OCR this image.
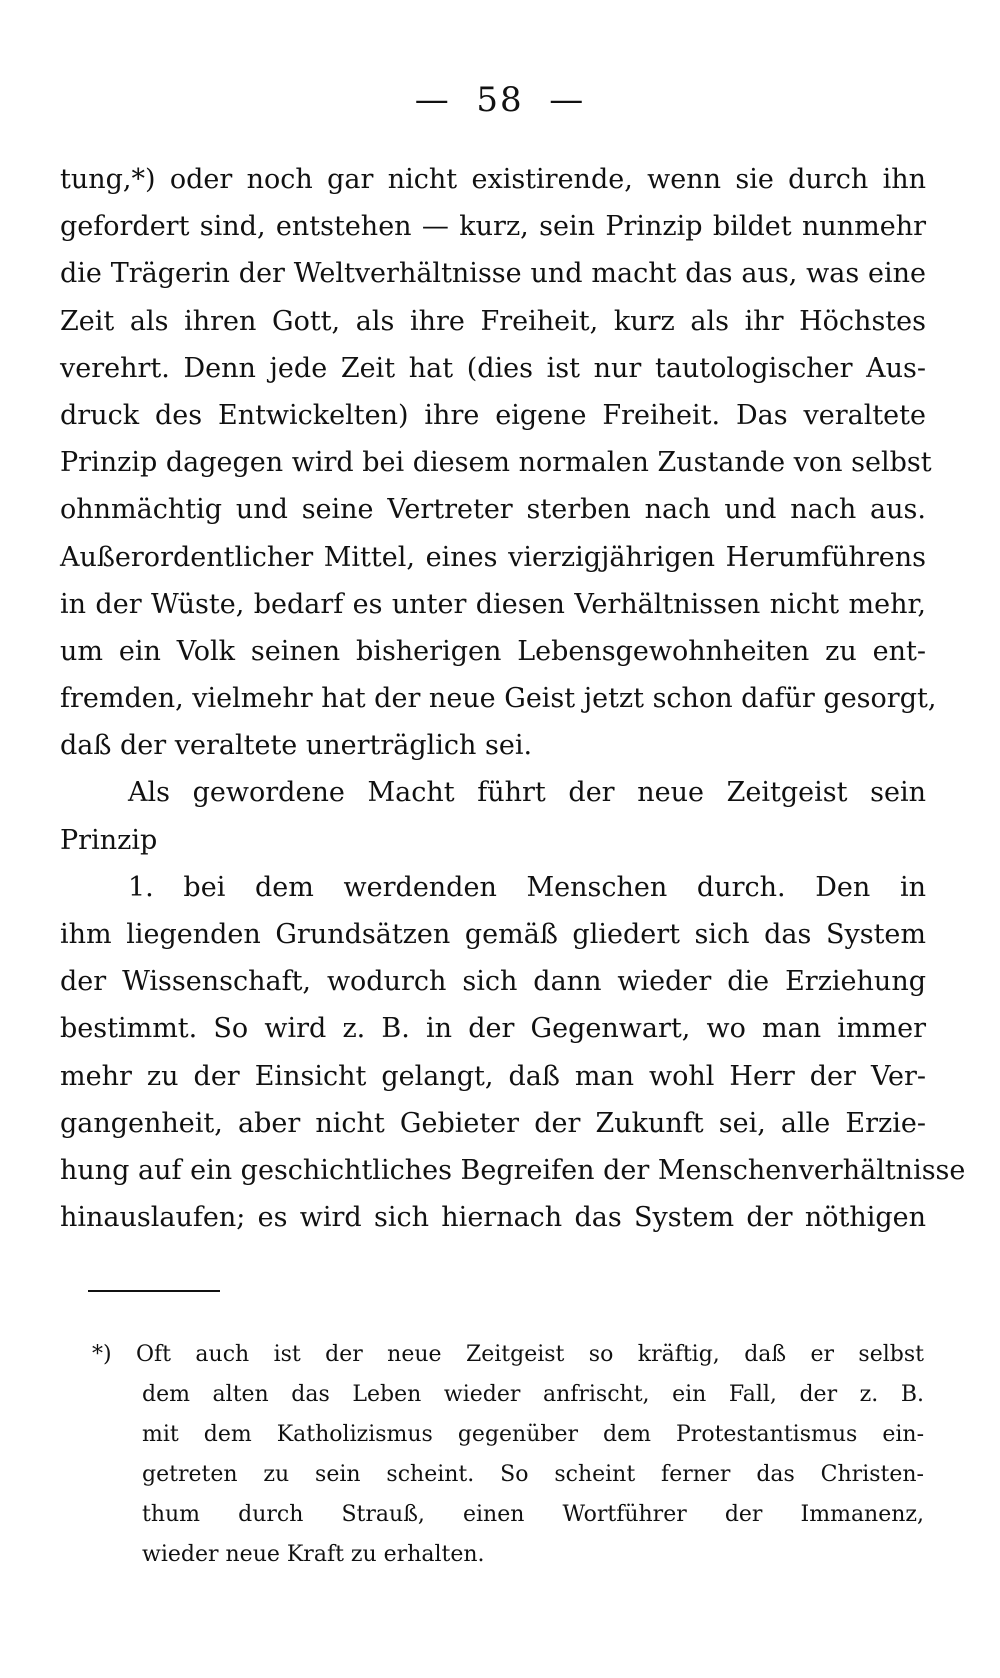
—  58  —
tung,*) oder noch gar nicht existirende, wenn sie durch ihn
gefordert sind, entstehen — kurz, sein Prinzip bildet nunmehr
die Trägerin der Weltverhältnisse und macht das aus, was eine
Zeit als ihren Gott, als ihre Freiheit, kurz als ihr Höchstes
verehrt. Denn jede Zeit hat (dies ist nur tautologischer Aus-
druck des Entwickelten) ihre eigene Freiheit. Das veraltete
Prinzip dagegen wird bei diesem normalen Zustande von selbst
ohnmächtig und seine Vertreter sterben nach und nach aus.
Außerordentlicher Mittel, eines vierzigjährigen Herumführens
in der Wüste, bedarf es unter diesen Verhältnissen nicht mehr,
um ein Volk seinen bisherigen Lebensgewohnheiten zu ent-
fremden, vielmehr hat der neue Geist jetzt schon dafür gesorgt,
daß der veraltete unerträglich sei.
Als gewordene Macht führt der neue Zeitgeist sein
Prinzip
1. bei dem werdenden Menschen durch. Den in
ihm liegenden Grundsätzen gemäß gliedert sich das System
der Wissenschaft, wodurch sich dann wieder die Erziehung
bestimmt. So wird z. B. in der Gegenwart, wo man immer
mehr zu der Einsicht gelangt, daß man wohl Herr der Ver-
gangenheit, aber nicht Gebieter der Zukunft sei, alle Erzie-
hung auf ein geschichtliches Begreifen der Menschenverhältnisse
hinauslaufen; es wird sich hiernach das System der nöthigen
*) Oft auch ist der neue Zeitgeist so kräftig, daß er selbst
dem alten das Leben wieder anfrischt, ein Fall, der z. B.
mit dem Katholizismus gegenüber dem Protestantismus ein-
getreten zu sein scheint. So scheint ferner das Christen-
thum durch Strauß, einen Wortführer der Immanenz,
wieder neue Kraft zu erhalten.
